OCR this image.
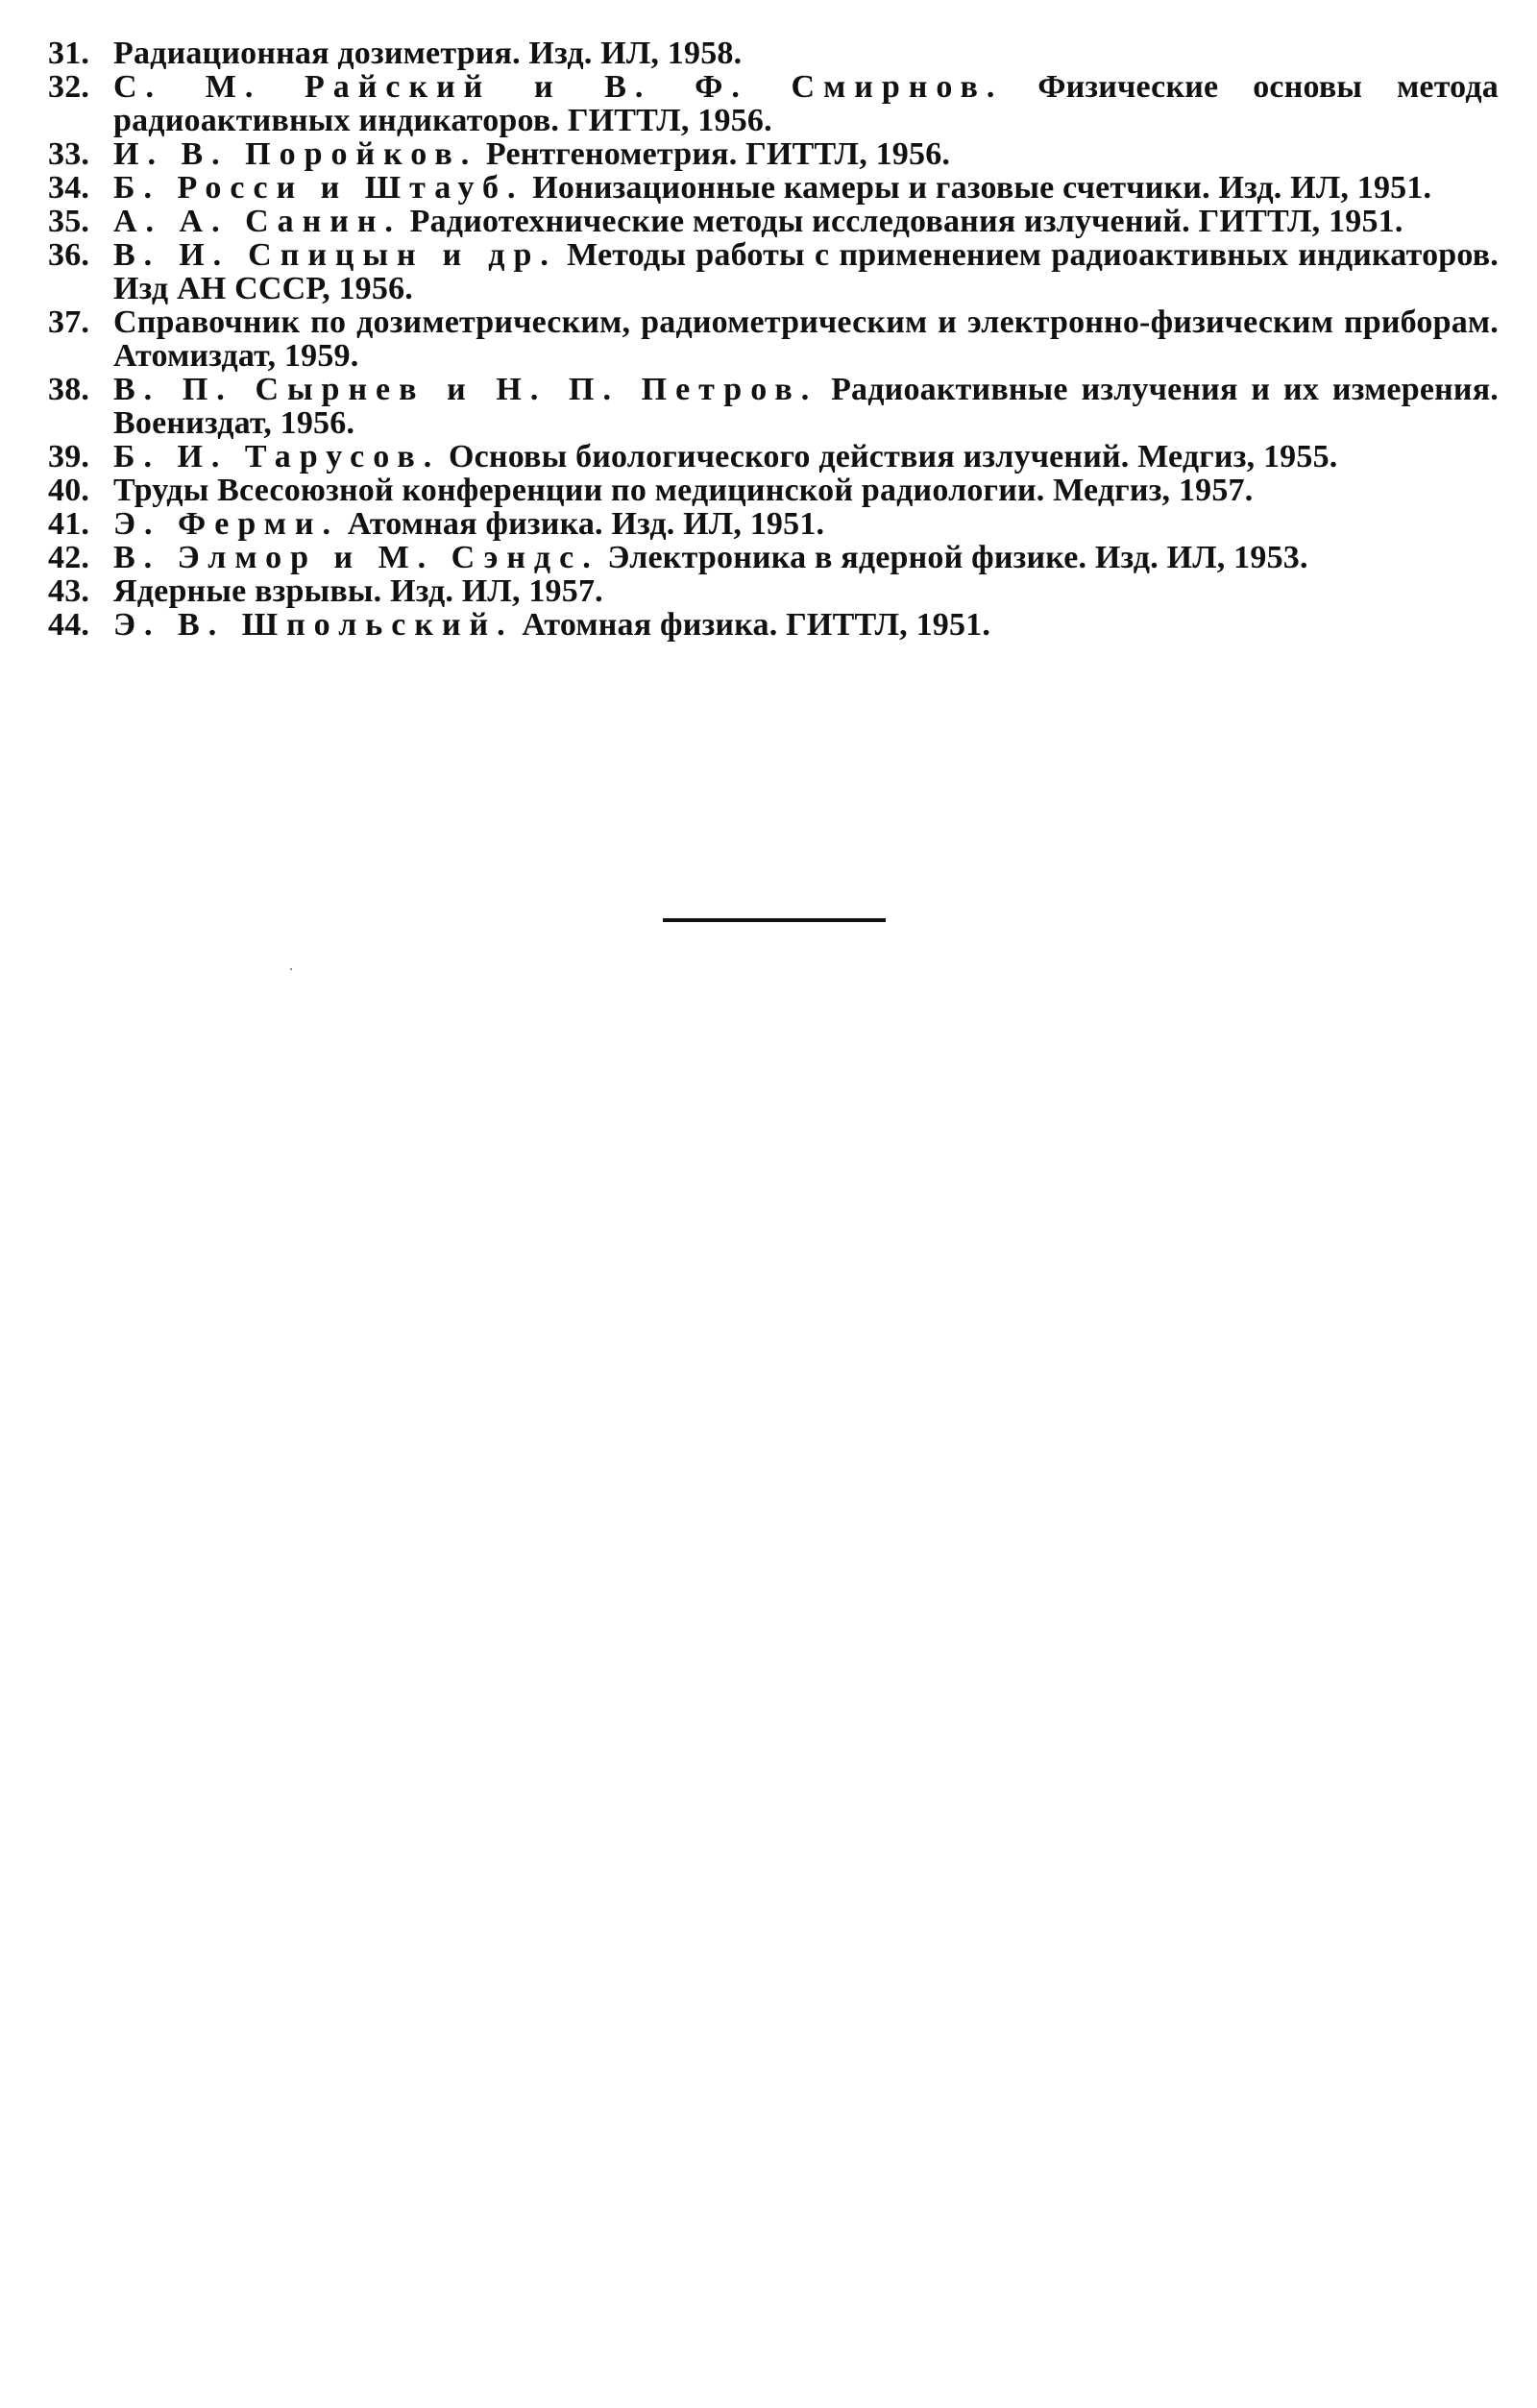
31. Радиационная дозиметрия. Изд. ИЛ, 1958.
32. С. М. Райский и В. Ф. Смирнов. Физические основы метода радиоактивных индикаторов. ГИТТЛ, 1956.
33. И. В. Поройков. Рентгенометрия. ГИТТЛ, 1956.
34. Б. Росси и Штауб. Ионизационные камеры и газовые счетчики. Изд. ИЛ, 1951.
35. А. А. Санин. Радиотехнические методы исследования излучений. ГИТТЛ, 1951.
36. В. И. Спицын и др. Методы работы с применением радиоактивных индикаторов. Изд АН СССР, 1956.
37. Справочник по дозиметрическим, радиометрическим и электронно-физическим приборам. Атомиздат, 1959.
38. В. П. Сырнев и Н. П. Петров. Радиоактивные излучения и их измерения. Воениздат, 1956.
39. Б. И. Тарусов. Основы биологического действия излучений. Медгиз, 1955.
40. Труды Всесоюзной конференции по медицинской радиологии. Медгиз, 1957.
41. Э. Ферми. Атомная физика. Изд. ИЛ, 1951.
42. В. Элмор и М. Сэндс. Электроника в ядерной физике. Изд. ИЛ, 1953.
43. Ядерные взрывы. Изд. ИЛ, 1957.
44. Э. В. Шпольский. Атомная физика. ГИТТЛ, 1951.
